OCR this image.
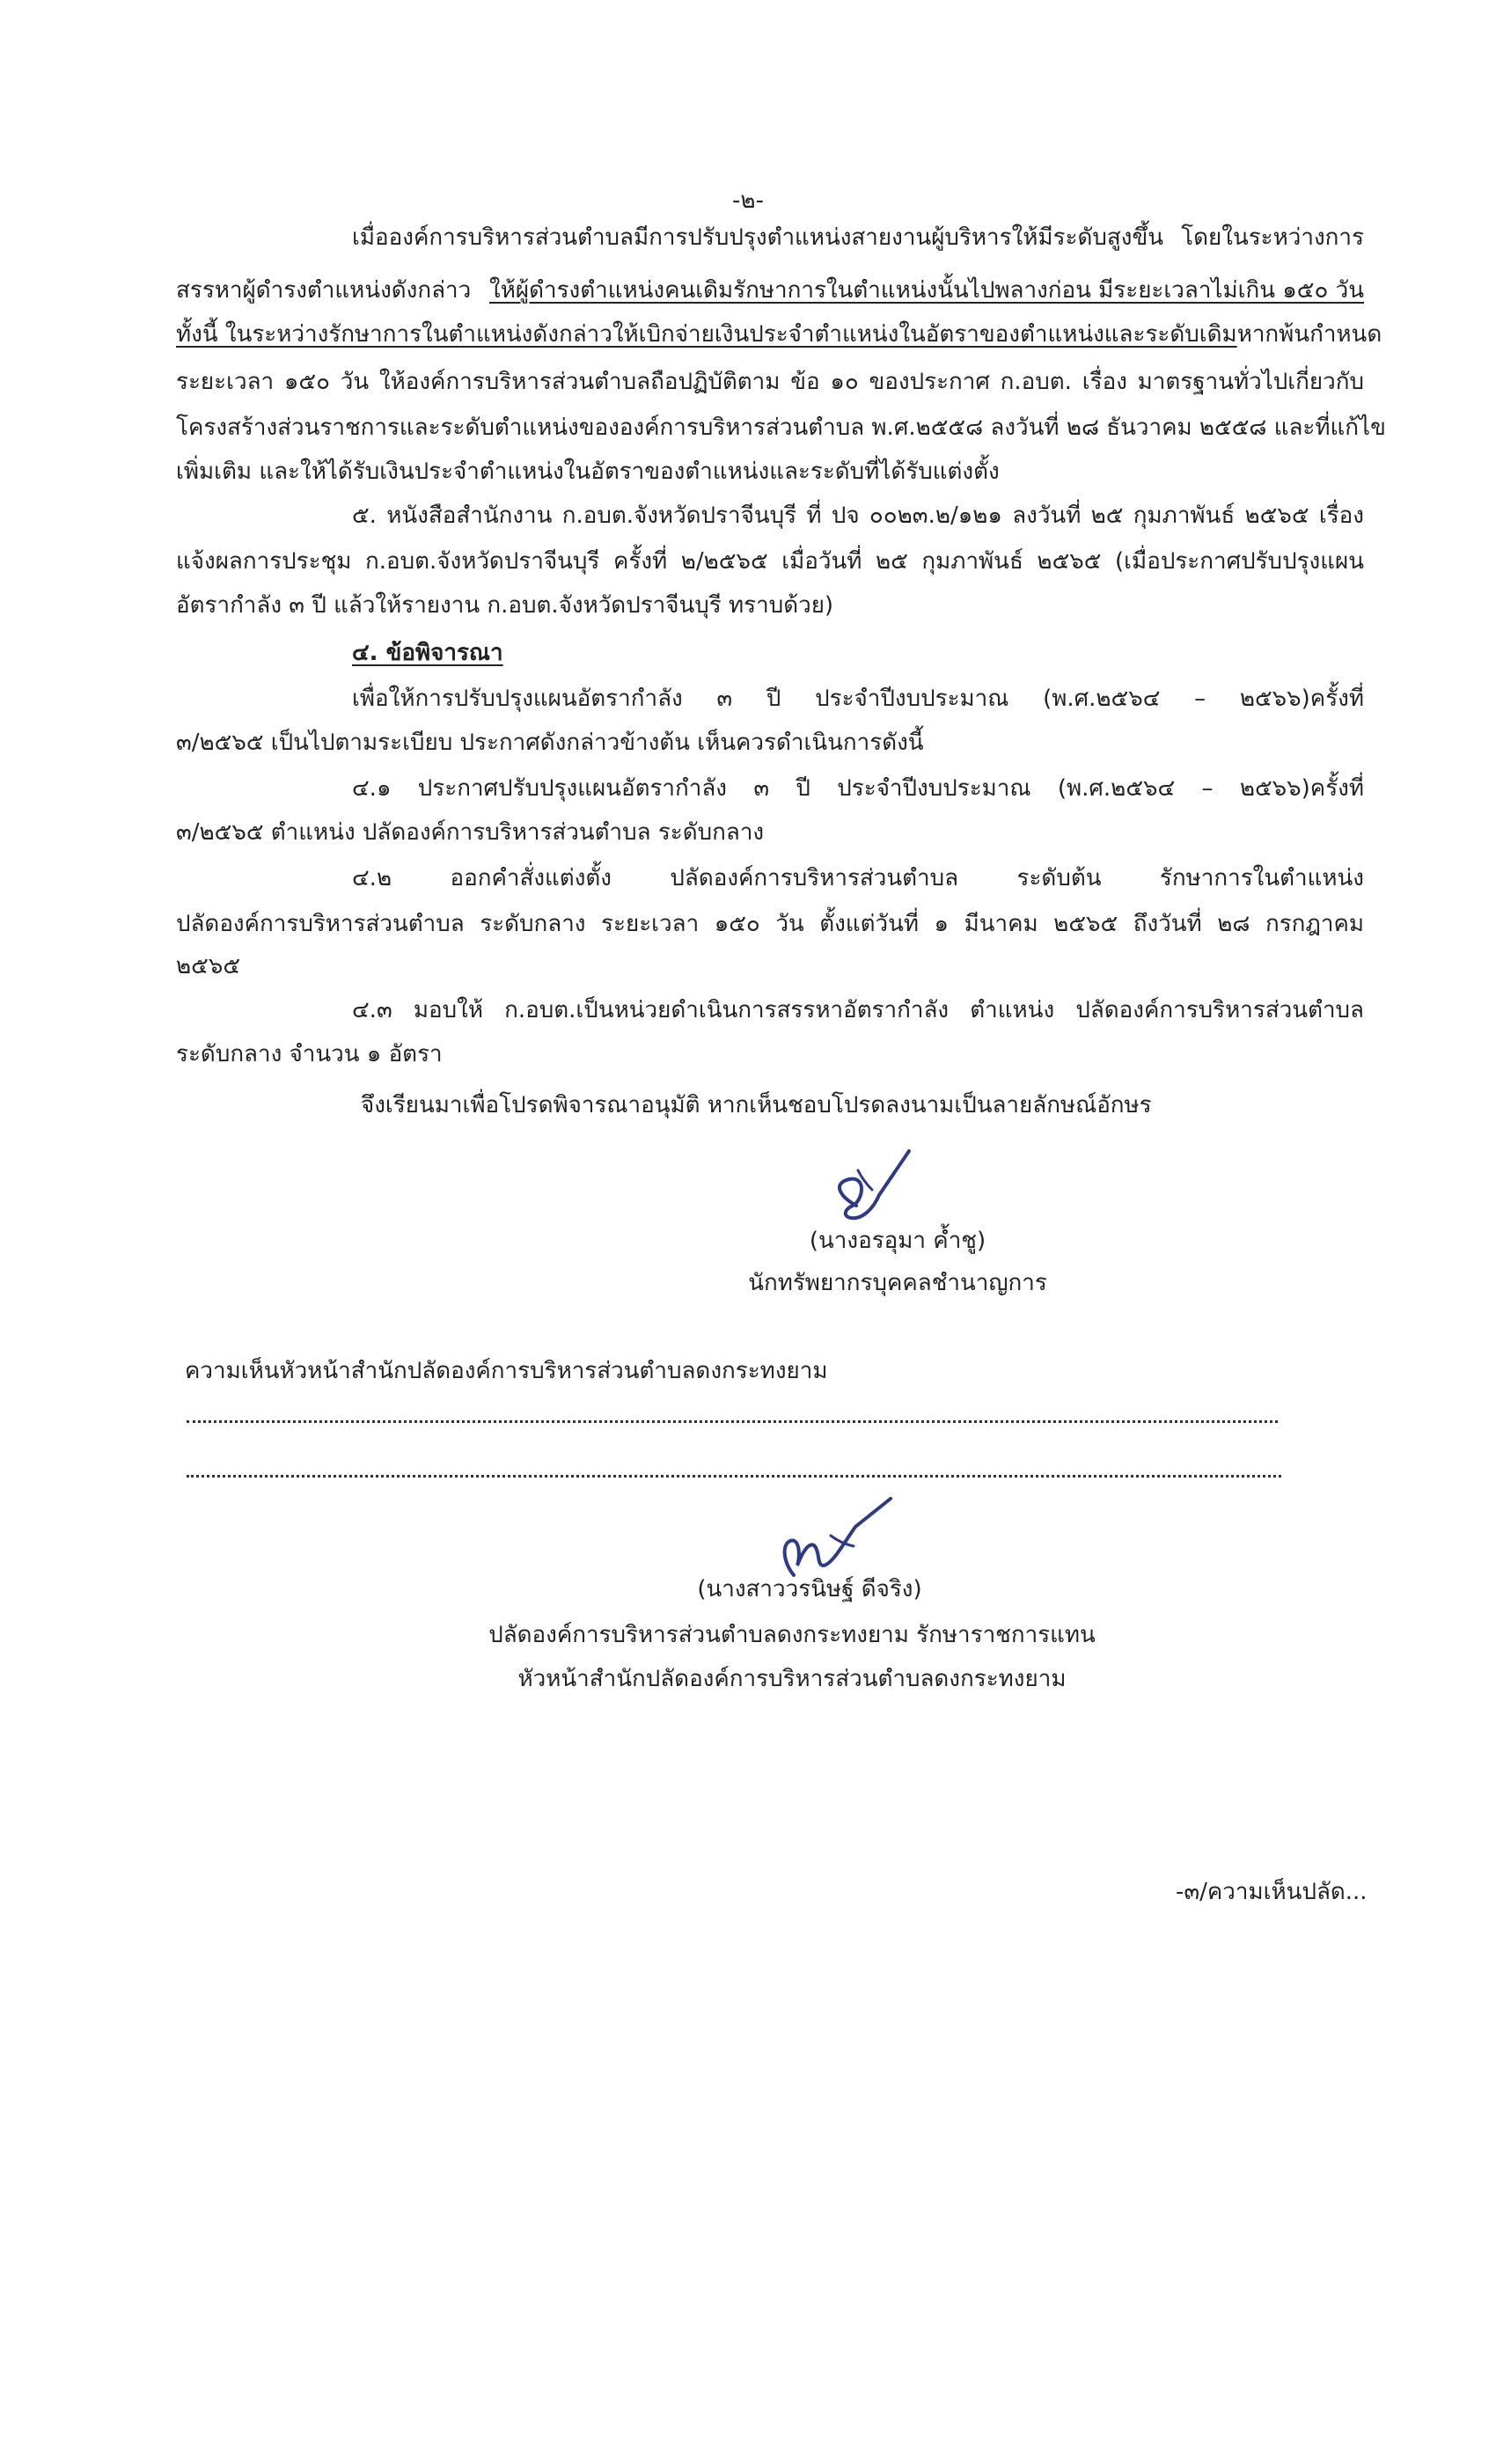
-๒-
เมื่อองค์การบริหารส่วนตำบลมีการปรับปรุงตำแหน่งสายงานผู้บริหารให้มีระดับสูงขึ้น โดยในระหว่างการ
สรรหาผู้ดำรงตำแหน่งดังกล่าว ให้ผู้ดำรงตำแหน่งคนเดิมรักษาการในตำแหน่งนั้นไปพลางก่อน มีระยะเวลาไม่เกิน ๑๕๐ วัน
ทั้งนี้ ในระหว่างรักษาการในตำแหน่งดังกล่าวให้เบิกจ่ายเงินประจำตำแหน่งในอัตราของตำแหน่งและระดับเดิม หากพ้นกำหนด
ระยะเวลา ๑๕๐ วัน ให้องค์การบริหารส่วนตำบลถือปฏิบัติตาม ข้อ ๑๐ ของประกาศ ก.อบต. เรื่อง มาตรฐานทั่วไปเกี่ยวกับ
โครงสร้างส่วนราชการและระดับตำแหน่งขององค์การบริหารส่วนตำบล พ.ศ.๒๕๕๘ ลงวันที่ ๒๘ ธันวาคม ๒๕๕๘ และที่แก้ไข
เพิ่มเติม และให้ได้รับเงินประจำตำแหน่งในอัตราของตำแหน่งและระดับที่ได้รับแต่งตั้ง
๕. หนังสือสำนักงาน ก.อบต.จังหวัดปราจีนบุรี ที่ ปจ ๐๐๒๓.๒/๑๒๑ ลงวันที่ ๒๕ กุมภาพันธ์ ๒๕๖๕ เรื่อง
แจ้งผลการประชุม ก.อบต.จังหวัดปราจีนบุรี ครั้งที่ ๒/๒๕๖๕ เมื่อวันที่ ๒๕ กุมภาพันธ์ ๒๕๖๕ (เมื่อประกาศปรับปรุงแผน
อัตรากำลัง ๓ ปี แล้วให้รายงาน ก.อบต.จังหวัดปราจีนบุรี ทราบด้วย)
๔. ข้อพิจารณา
เพื่อให้การปรับปรุงแผนอัตรากำลัง ๓ ปี ประจำปีงบประมาณ (พ.ศ.๒๕๖๔ – ๒๕๖๖)ครั้งที่
๓/๒๕๖๕ เป็นไปตามระเบียบ ประกาศดังกล่าวข้างต้น เห็นควรดำเนินการดังนี้
๔.๑ ประกาศปรับปรุงแผนอัตรากำลัง ๓ ปี ประจำปีงบประมาณ (พ.ศ.๒๕๖๔ – ๒๕๖๖)ครั้งที่
๓/๒๕๖๕ ตำแหน่ง ปลัดองค์การบริหารส่วนตำบล ระดับกลาง
๔.๒ ออกคำสั่งแต่งตั้ง ปลัดองค์การบริหารส่วนตำบล ระดับต้น รักษาการในตำแหน่ง
ปลัดองค์การบริหารส่วนตำบล ระดับกลาง ระยะเวลา ๑๕๐ วัน ตั้งแต่วันที่ ๑ มีนาคม ๒๕๖๕ ถึงวันที่ ๒๘ กรกฎาคม
๒๕๖๕
๔.๓ มอบให้ ก.อบต.เป็นหน่วยดำเนินการสรรหาอัตรากำลัง ตำแหน่ง ปลัดองค์การบริหารส่วนตำบล
ระดับกลาง จำนวน ๑ อัตรา
จึงเรียนมาเพื่อโปรดพิจารณาอนุมัติ หากเห็นชอบโปรดลงนามเป็นลายลักษณ์อักษร
(นางอรอุมา ค้ำชู)
นักทรัพยากรบุคคลชำนาญการ
ความเห็นหัวหน้าสำนักปลัดองค์การบริหารส่วนตำบลดงกระทงยาม
(นางสาววรนิษฐ์ ดีจริง)
ปลัดองค์การบริหารส่วนตำบลดงกระทงยาม รักษาราชการแทน
หัวหน้าสำนักปลัดองค์การบริหารส่วนตำบลดงกระทงยาม
-๓/ความเห็นปลัด...
